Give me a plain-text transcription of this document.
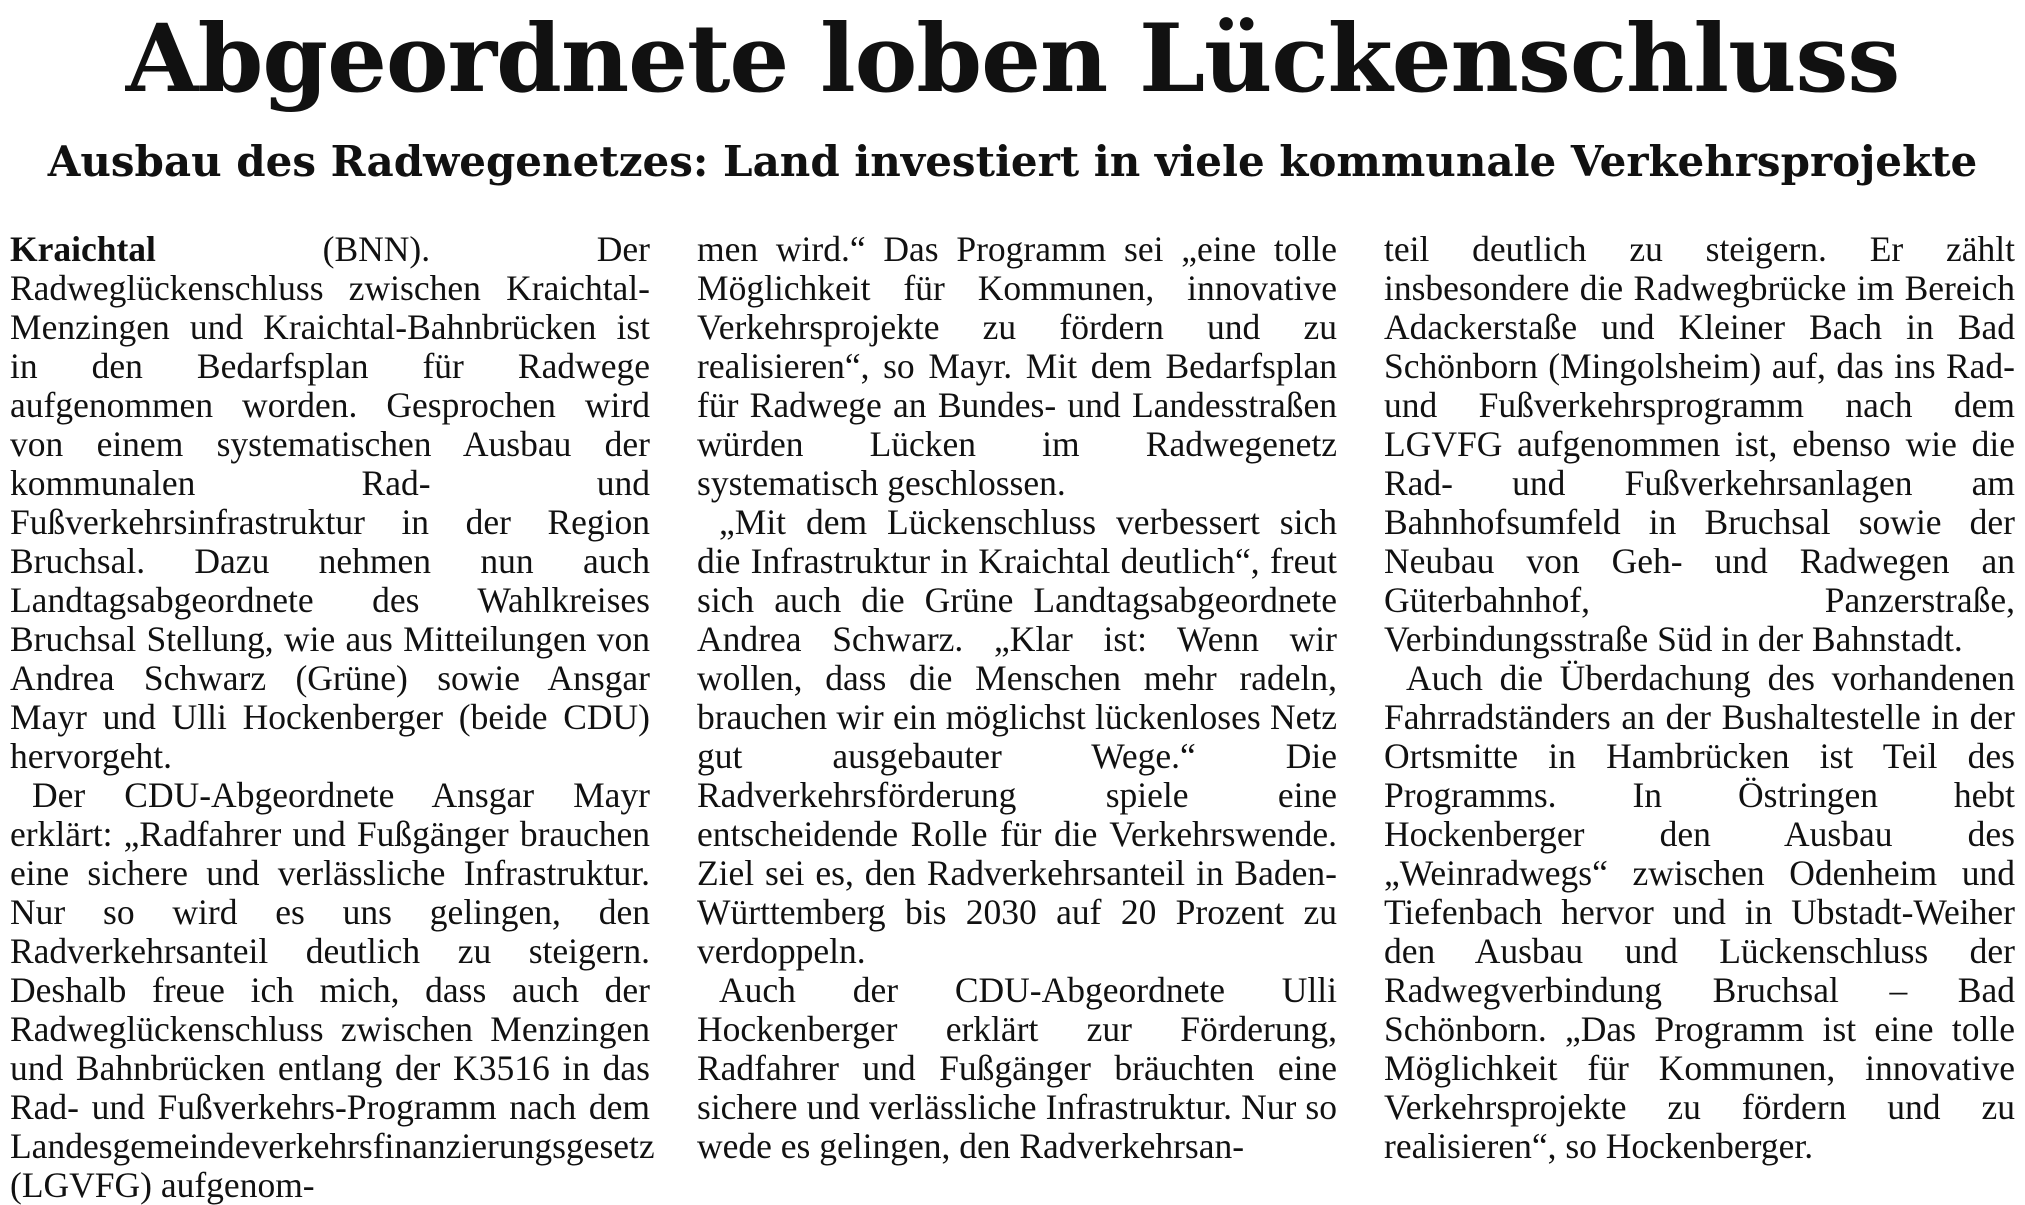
Abgeordnete loben Lückenschluss
Ausbau des Radwegenetzes: Land investiert in viele kommunale Verkehrsprojekte

Kraichtal (BNN). Der Radweglückenschluss zwischen Kraichtal-Menzingen und Kraichtal-Bahnbrücken ist in den Bedarfsplan für Radwege aufgenommen worden. Gesprochen wird von einem systematischen Ausbau der kommunalen Rad- und Fußverkehrsinfrastruktur in der Region Bruchsal. Dazu nehmen nun auch Landtagsabgeordnete des Wahlkreises Bruchsal Stellung, wie aus Mitteilungen von Andrea Schwarz (Grüne) sowie Ansgar Mayr und Ulli Hockenberger (beide CDU) hervorgeht.

Der CDU-Abgeordnete Ansgar Mayr erklärt: „Radfahrer und Fußgänger brauchen eine sichere und verlässliche Infrastruktur. Nur so wird es uns gelingen, den Radverkehrsanteil deutlich zu steigern. Deshalb freue ich mich, dass auch der Radweglückenschluss zwischen Menzingen und Bahnbrücken entlang der K3516 in das Rad- und Fußverkehrs-Programm nach dem Landesgemeindeverkehrsfinanzierungsgesetz (LGVFG) aufgenom-

men wird.“ Das Programm sei „eine tolle Möglichkeit für Kommunen, innovative Verkehrsprojekte zu fördern und zu realisieren“, so Mayr. Mit dem Bedarfsplan für Radwege an Bundes- und Landesstraßen würden Lücken im Radwegenetz systematisch geschlossen.

„Mit dem Lückenschluss verbessert sich die Infrastruktur in Kraichtal deutlich“, freut sich auch die Grüne Landtagsabgeordnete Andrea Schwarz. „Klar ist: Wenn wir wollen, dass die Menschen mehr radeln, brauchen wir ein möglichst lückenloses Netz gut ausgebauter Wege.“ Die Radverkehrsförderung spiele eine entscheidende Rolle für die Verkehrswende. Ziel sei es, den Radverkehrsanteil in Baden-Württemberg bis 2030 auf 20 Prozent zu verdoppeln.

Auch der CDU-Abgeordnete Ulli Hockenberger erklärt zur Förderung, Radfahrer und Fußgänger bräuchten eine sichere und verlässliche Infrastruktur. Nur so wede es gelingen, den Radverkehrsan-

teil deutlich zu steigern. Er zählt insbesondere die Radwegbrücke im Bereich Adackerstaße und Kleiner Bach in Bad Schönborn (Mingolsheim) auf, das ins Rad- und Fußverkehrsprogramm nach dem LGVFG aufgenommen ist, ebenso wie die Rad- und Fußverkehrsanlagen am Bahnhofsumfeld in Bruchsal sowie der Neubau von Geh- und Radwegen an Güterbahnhof, Panzerstraße, Verbindungsstraße Süd in der Bahnstadt.

Auch die Überdachung des vorhandenen Fahrradständers an der Bushaltestelle in der Ortsmitte in Hambrücken ist Teil des Programms. In Östringen hebt Hockenberger den Ausbau des „Weinradwegs“ zwischen Odenheim und Tiefenbach hervor und in Ubstadt-Weiher den Ausbau und Lückenschluss der Radwegverbindung Bruchsal – Bad Schönborn. „Das Programm ist eine tolle Möglichkeit für Kommunen, innovative Verkehrsprojekte zu fördern und zu realisieren“, so Hockenberger.
